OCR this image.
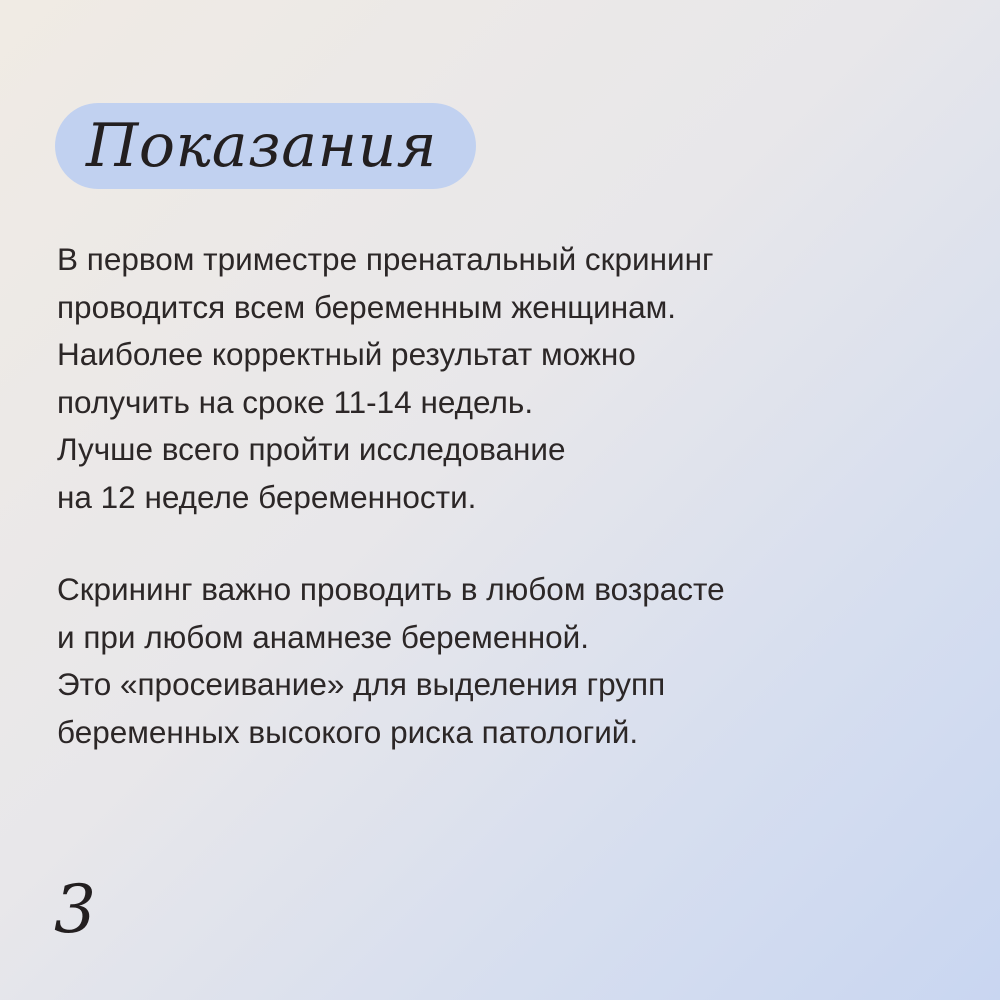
Показания
В первом триместре пренатальный скрининг
проводится всем беременным женщинам.
Наиболее корректный результат можно
получить на сроке 11-14 недель.
Лучше всего пройти исследование
на 12 неделе беременности.
Скрининг важно проводить в любом возрасте
и при любом анамнезе беременной.
Это «просеивание» для выделения групп
беременных высокого риска патологий.
3
